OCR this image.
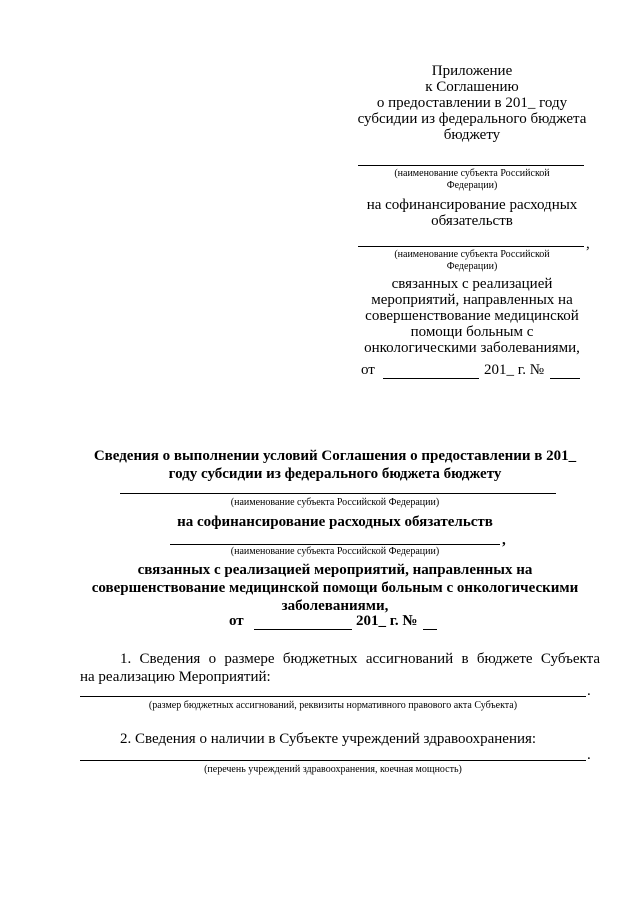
Приложение
к Соглашению
о предоставлении в 201_ году
субсидии из федерального бюджета
бюджету
(наименование субъекта Российской
Федерации)
на софинансирование расходных
обязательств
,
(наименование субъекта Российской
Федерации)
связанных с реализацией
мероприятий, направленных на
совершенствование медицинской
помощи больным с
онкологическими заболеваниями,
от	201_ г. №
Сведения о выполнении условий Соглашения о предоставлении в 201_
году субсидии из федерального бюджета бюджету
(наименование субъекта Российской Федерации)
на софинансирование расходных обязательств
,
(наименование субъекта Российской Федерации)
связанных с реализацией мероприятий, направленных на
совершенствование медицинской помощи больным с онкологическими
заболеваниями,
от	201_ г. №
1. Сведения о размере бюджетных ассигнований в бюджете Субъекта
на реализацию Мероприятий:
.
(размер бюджетных ассигнований, реквизиты нормативного правового акта Субъекта)
2. Сведения о наличии в Субъекте учреждений здравоохранения:
.
(перечень учреждений здравоохранения, коечная мощность)
